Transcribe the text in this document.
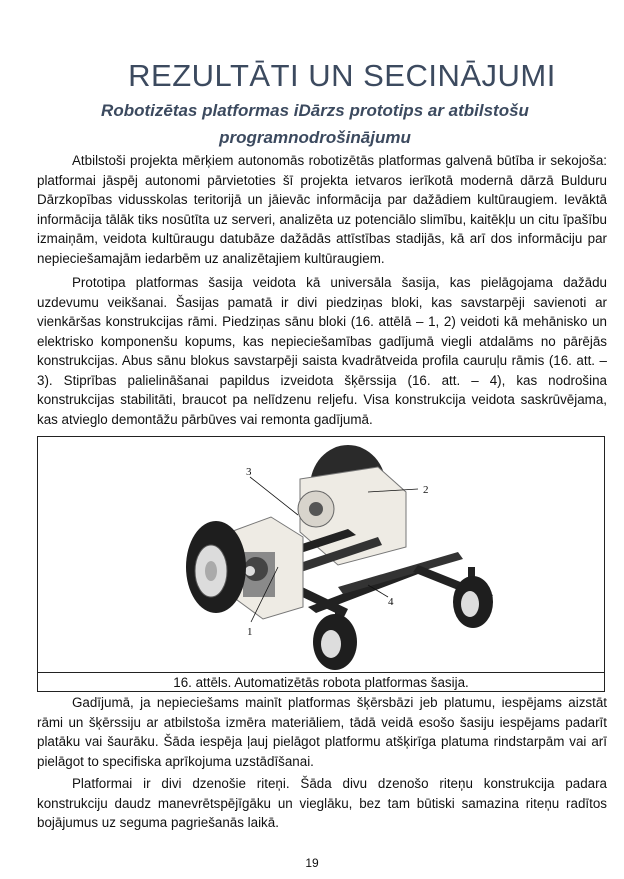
REZULTĀTI UN SECINĀJUMI
Robotizētas platformas iDārzs prototips ar atbilstošu programnodrošinājumu

Atbilstoši projekta mērķiem autonomās robotizētās platformas galvenā būtība ir sekojoša: platformai jāspēj autonomi pārvietoties šī projekta ietvaros ierīkotā modernā dārzā Bulduru Dārzkopības vidusskolas teritorijā un jāievāc informācija par dažādiem kultūraugiem. Ievāktā informācija tālāk tiks nosūtīta uz serveri, analizēta uz potenciālo slimību, kaitēkļu un citu īpašību izmaiņām, veidota kultūraugu datubāze dažādās attīstības stadijās, kā arī dos informāciju par nepieciešamajām iedarbēm uz analizētajiem kultūraugiem.

Prototipa platformas šasija veidota kā universāla šasija, kas pielāgojama dažādu uzdevumu veikšanai. Šasijas pamatā ir divi piedziņas bloki, kas savstarpēji savienoti ar vienkāršas konstrukcijas rāmi. Piedziņas sānu bloki (16. attēlā – 1, 2) veidoti kā mehānisko un elektrisko komponenšu kopums, kas nepieciešamības gadījumā viegli atdalāms no pārējās konstrukcijas. Abus sānu blokus savstarpēji saista kvadrātveida profila cauruļu rāmis (16. att. – 3). Stiprības palielināšanai papildus izveidota šķērssija (16. att. – 4), kas nodrošina konstrukcijas stabilitāti, braucot pa nelīdzenu reljefu. Visa konstrukcija veidota saskrūvējama, kas atvieglo demontāžu pārbūves vai remonta gadījumā.

3
2
1
4
16. attēls. Automatizētās robota platformas šasija.

Gadījumā, ja nepieciešams mainīt platformas šķērsbāzi jeb platumu, iespējams aizstāt rāmi un šķērssiju ar atbilstoša izmēra materiāliem, tādā veidā esošo šasiju iespējams padarīt platāku vai šaurāku. Šāda iespēja ļauj pielāgot platformu atšķirīga platuma rindstarpām vai arī pielāgot to specifiska aprīkojuma uzstādīšanai.

Platformai ir divi dzenošie riteņi. Šāda divu dzenošo riteņu konstrukcija padara konstrukciju daudz manevrētspējīgāku un vieglāku, bez tam būtiski samazina riteņu radītos bojājumus uz seguma pagriešanās laikā.

19
